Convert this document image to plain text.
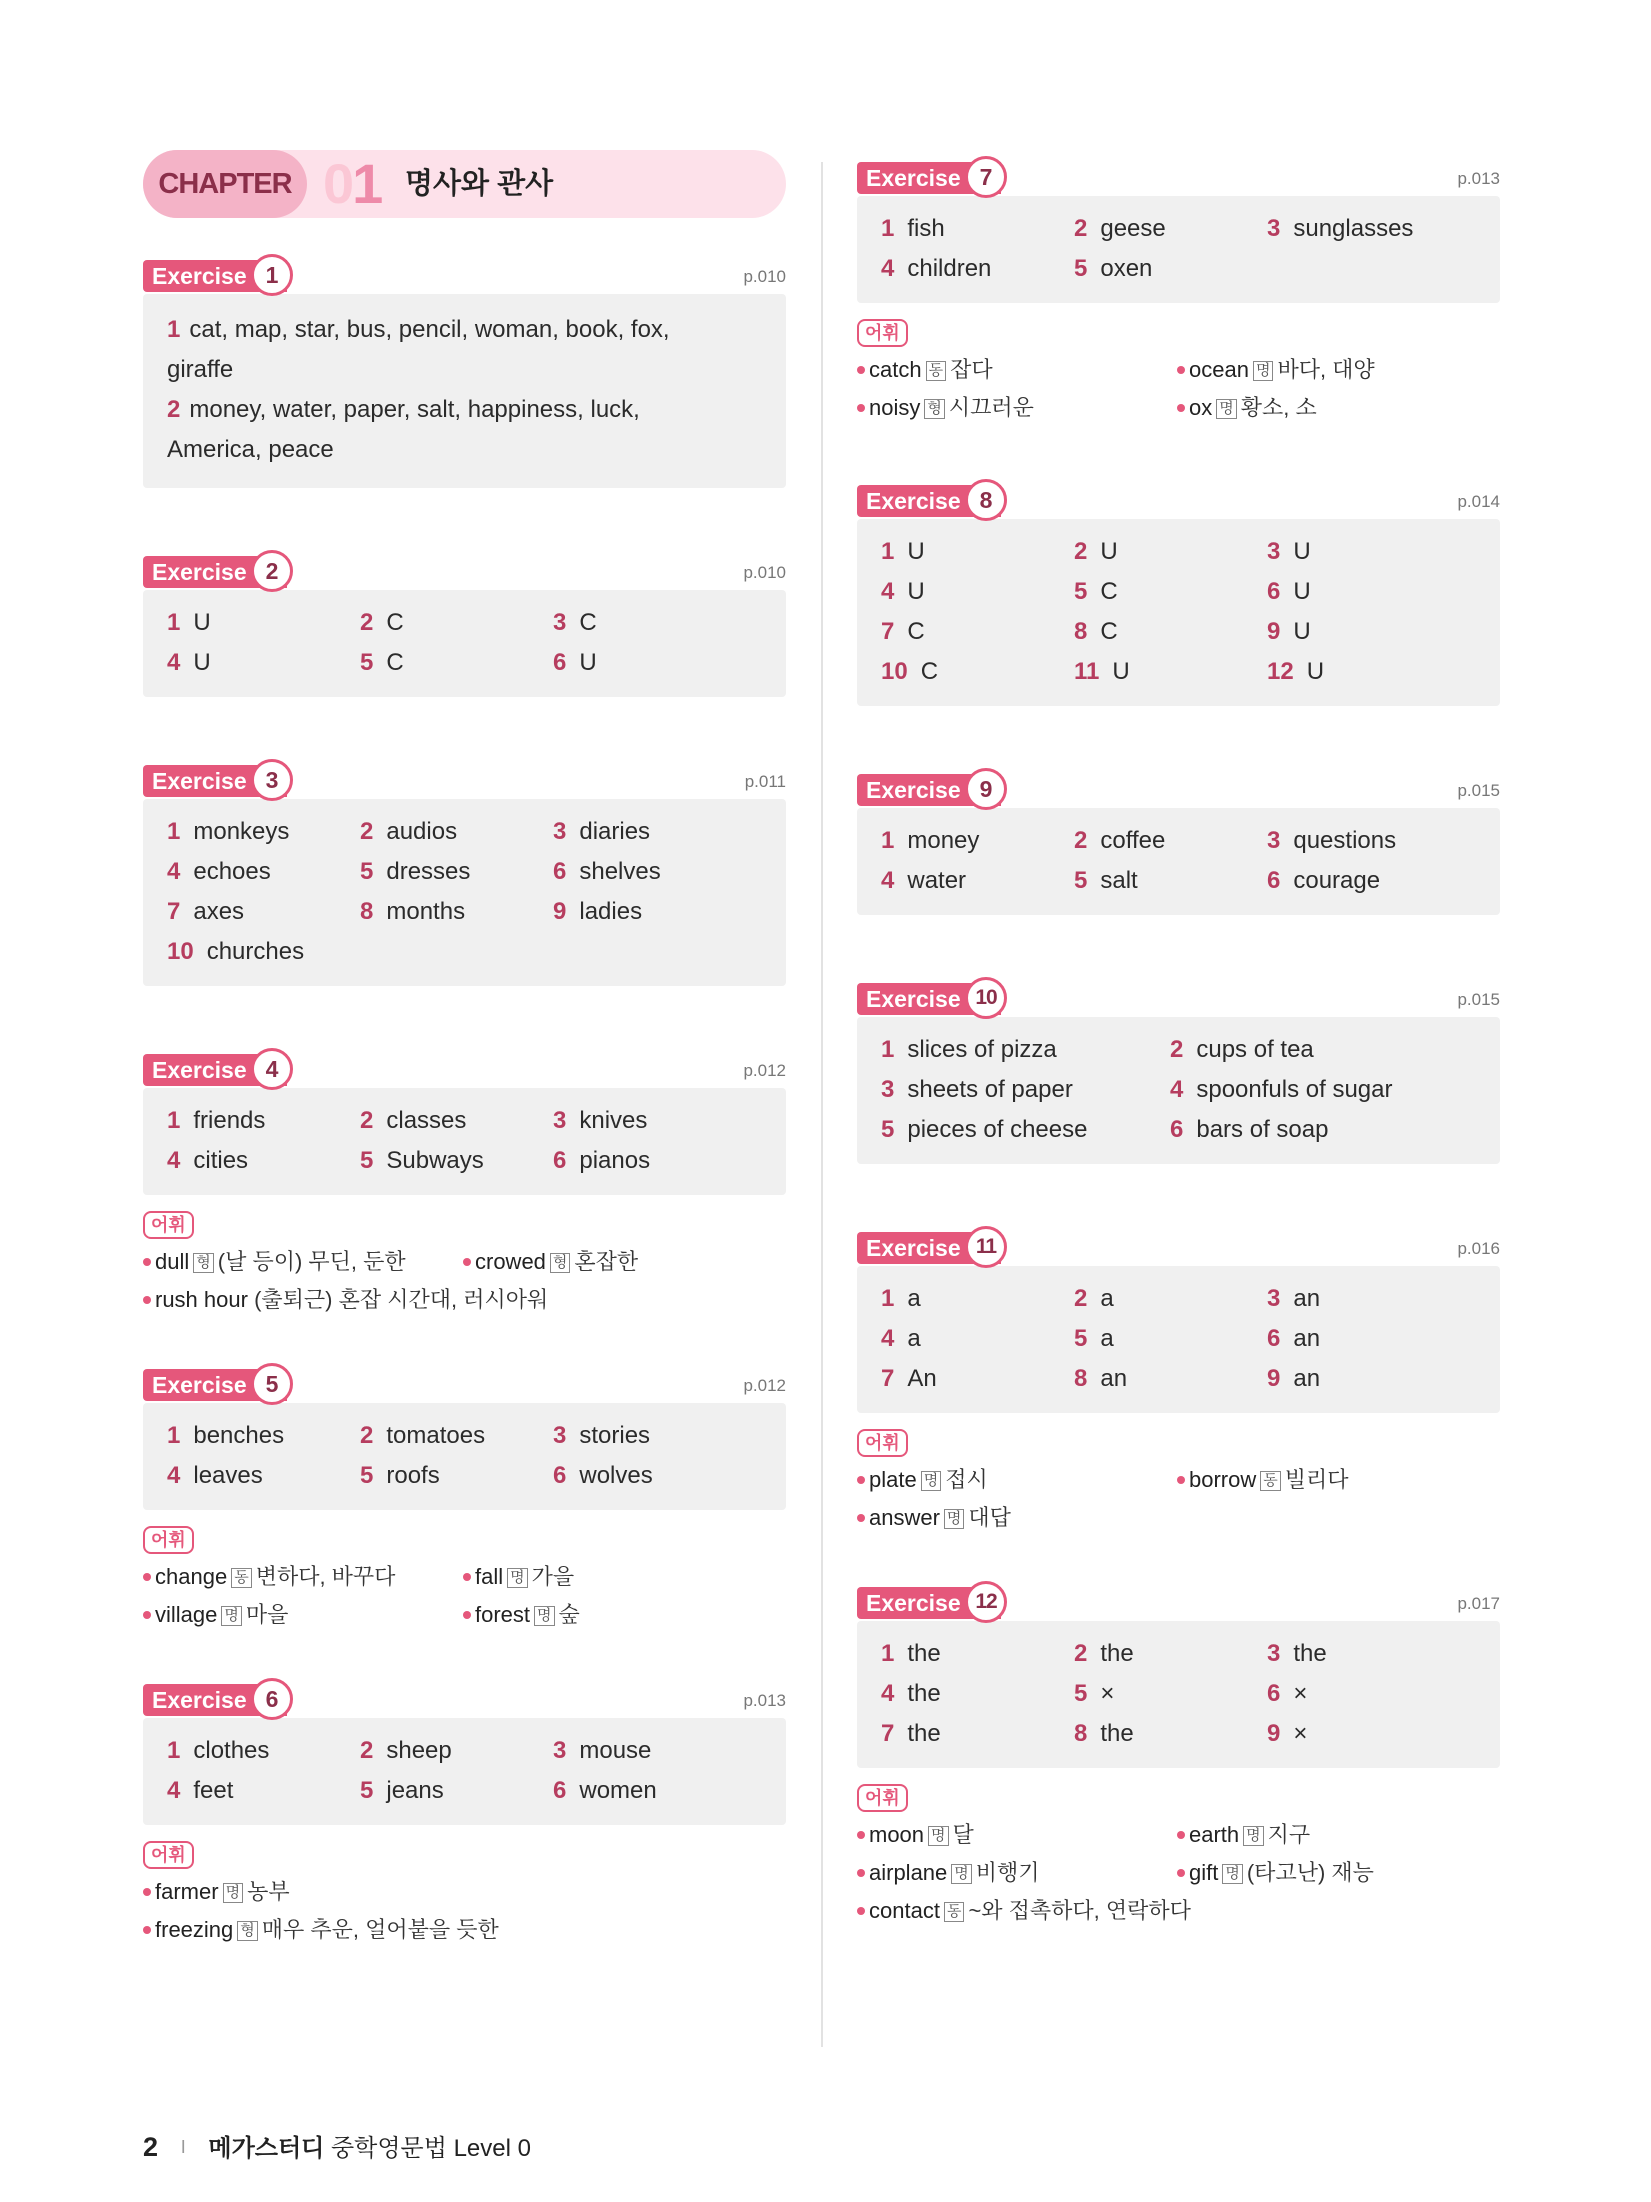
CHAPTER 01 명사와 관사
Exercise 1	p.010
1 cat, map, star, bus, pencil, woman, book, fox,
giraffe
2 money, water, paper, salt, happiness, luck,
America, peace
Exercise 2	p.010
1 U	2 C	3 C
4 U	5 C	6 U
Exercise 3	p.011
1 monkeys	2 audios	3 diaries
4 echoes	5 dresses	6 shelves
7 axes	8 months	9 ladies
10 churches
Exercise 4	p.012
1 friends	2 classes	3 knives
4 cities	5 Subways	6 pianos
어휘
dull 형 (날 등이) 무딘, 둔한	crowed 형 혼잡한
rush hour (출퇴근) 혼잡 시간대, 러시아워
Exercise 5	p.012
1 benches	2 tomatoes	3 stories
4 leaves	5 roofs	6 wolves
어휘
change 동 변하다, 바꾸다	fall 명 가을
village 명 마을	forest 명 숲
Exercise 6	p.013
1 clothes	2 sheep	3 mouse
4 feet	5 jeans	6 women
어휘
farmer 명 농부
freezing 형 매우 추운, 얼어붙을 듯한
Exercise 7	p.013
1 fish	2 geese	3 sunglasses
4 children	5 oxen
어휘
catch 동 잡다	ocean 명 바다, 대양
noisy 형 시끄러운	ox 명 황소, 소
Exercise 8	p.014
1 U	2 U	3 U
4 U	5 C	6 U
7 C	8 C	9 U
10 C	11 U	12 U
Exercise 9	p.015
1 money	2 coffee	3 questions
4 water	5 salt	6 courage
Exercise 10	p.015
1 slices of pizza	2 cups of tea
3 sheets of paper	4 spoonfuls of sugar
5 pieces of cheese	6 bars of soap
Exercise 11	p.016
1 a	2 a	3 an
4 a	5 a	6 an
7 An	8 an	9 an
어휘
plate 명 접시	borrow 동 빌리다
answer 명 대답
Exercise 12	p.017
1 the	2 the	3 the
4 the	5 ×	6 ×
7 the	8 the	9 ×
어휘
moon 명 달	earth 명 지구
airplane 명 비행기	gift 명 (타고난) 재능
contact 동 ~와 접촉하다, 연락하다
2 I 메가스터디 중학영문법 Level 0
